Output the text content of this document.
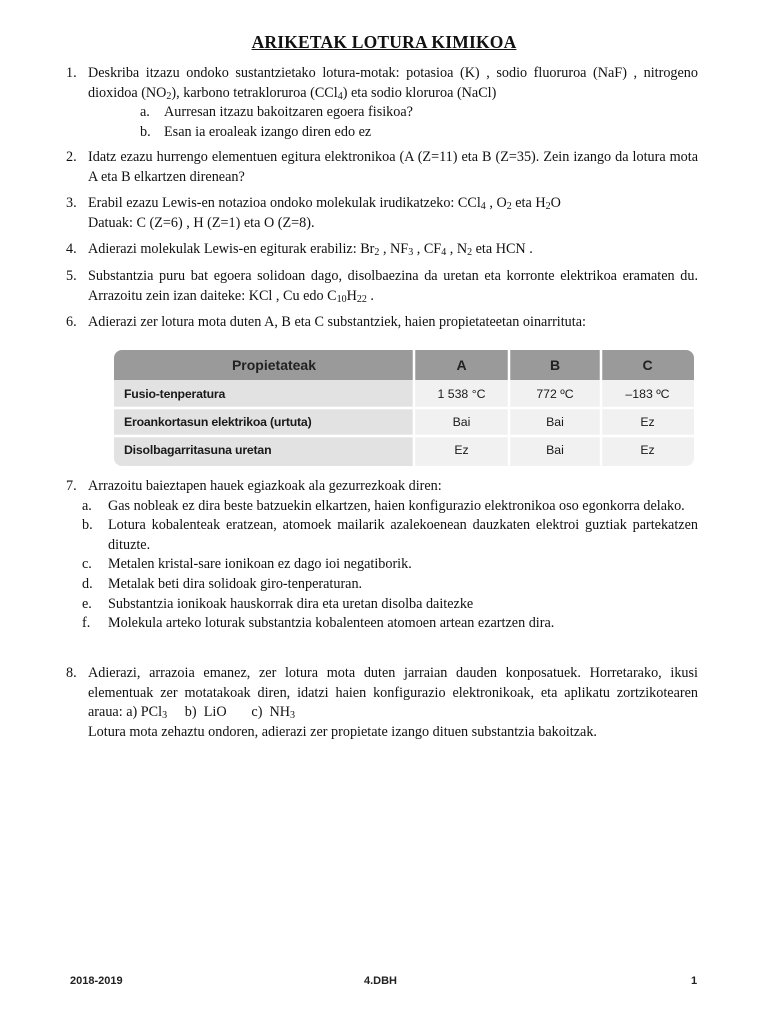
ARIKETAK LOTURA KIMIKOA
1. Deskriba itzazu ondoko sustantzietako lotura-motak: potasioa (K) , sodio fluoruroa (NaF) , nitrogeno dioxidoa $(NO_2)$, karbono tetrakloruroa (CCl$_4$) eta sodio kloruroa (NaCl)
a. Aurresan itzazu bakoitzaren egoera fisikoa?
b. Esan ia eroaleak izango diren edo ez
2. Idatz ezazu hurrengo elementuen egitura elektronikoa (A (Z=11) eta B (Z=35). Zein izango da lotura mota A eta B elkartzen direnean?
3. Erabil ezazu Lewis-en notazioa ondoko molekulak irudikatzeko: CCl$_4$ , $O_2$ eta $H_2O$
Datuak: C (Z=6) , H (Z=1) eta O (Z=8).
4. Adierazi molekulak Lewis-en egiturak erabiliz: $Br_2$ , $NF_3$ , $CF_4$ , $N_2$ eta HCN .
5. Substantzia puru bat egoera solidoan dago, disolbaezina da uretan eta korronte elektrikoa eramaten du. Arrazoitu zein izan daiteke: KCl , Cu edo $C_{10}H_{22}$ .
6. Adierazi zer lotura mota duten A, B eta C substantziek, haien propietateetan oinarrituta:
Propietateak	A	B	C
Fusio-tenperatura	1 538 °C	772 ºC	–183 ºC
Eroankortasun elektrikoa (urtuta)	Bai	Bai	Ez
Disolbagarritasuna uretan	Ez	Bai	Ez
7. Arrazoitu baieztapen hauek egiazkoak ala gezurrezkoak diren:
a. Gas nobleak ez dira beste batzuekin elkartzen, haien konfigurazio elektronikoa oso egonkorra delako.
b. Lotura kobalenteak eratzean, atomoek mailarik azalekoenean dauzkaten elektroi guztiak partekatzen dituzte.
c. Metalen kristal-sare ionikoan ez dago ioi negatiborik.
d. Metalak beti dira solidoak giro-tenperaturan.
e. Substantzia ionikoak hauskorrak dira eta uretan disolba daitezke
f. Molekula arteko loturak substantzia kobalenteen atomoen artean ezartzen dira.
8. Adierazi, arrazoia emanez, zer lotura mota duten jarraian dauden konposatuek. Horretarako, ikusi elementuak zer motatakoak diren, idatzi haien konfigurazio elektronikoak, eta aplikatu zortzikotearen araua: a) PCl$_3$     b)  LiO       c)  $NH_3$
Lotura mota zehaztu ondoren, adierazi zer propietate izango dituen substantzia bakoitzak.
2018-2019	4.DBH	1
